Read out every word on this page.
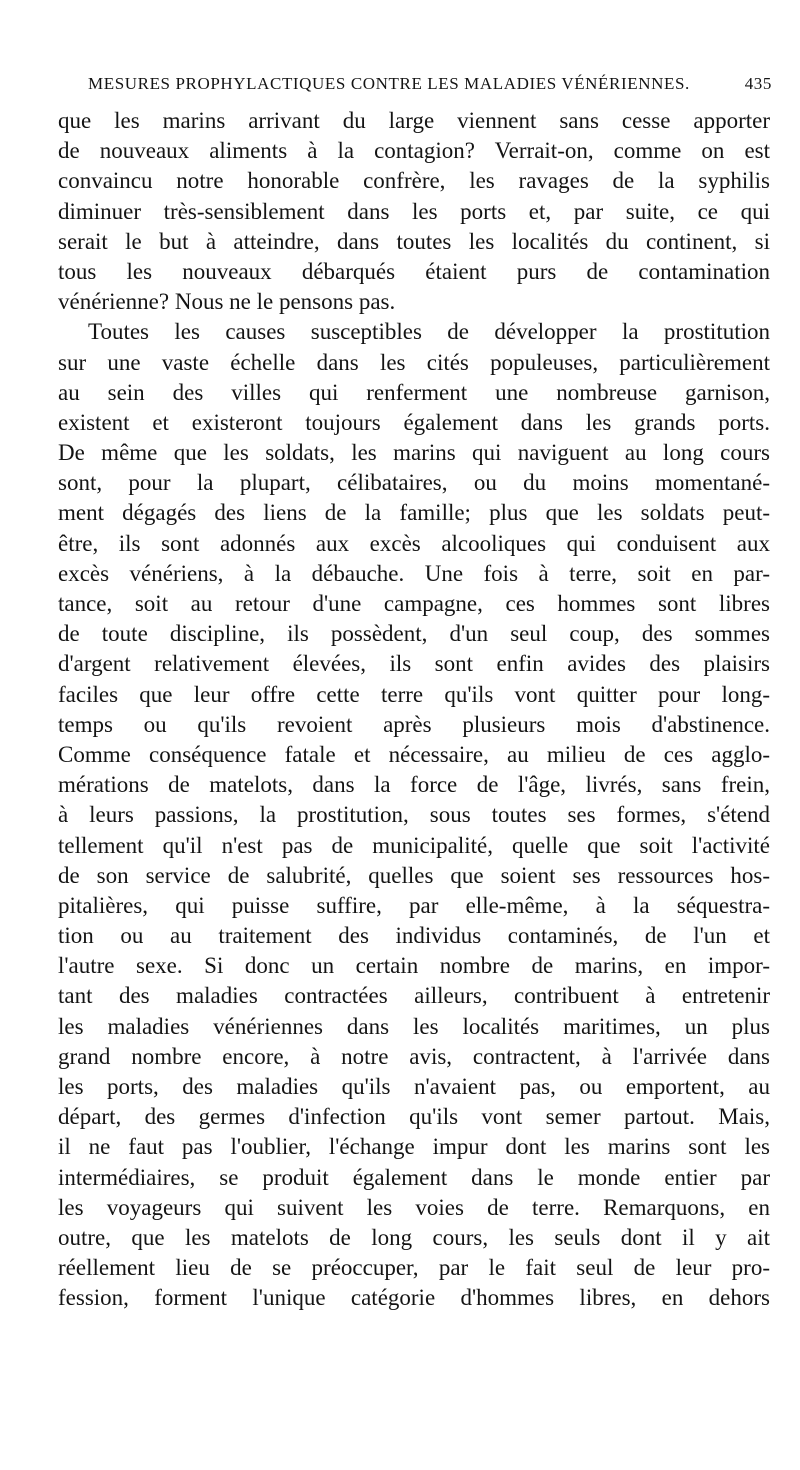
MESURES PROPHYLACTIQUES CONTRE LES MALADIES VÉNÉRIENNES.	435
que les marins arrivant du large viennent sans cesse apporter
de nouveaux aliments à la contagion? Verrait-on, comme on est
convaincu notre honorable confrère, les ravages de la syphilis
diminuer très-sensiblement dans les ports et, par suite, ce qui
serait le but à atteindre, dans toutes les localités du continent, si
tous les nouveaux débarqués étaient purs de contamination
vénérienne? Nous ne le pensons pas.
Toutes les causes susceptibles de développer la prostitution
sur une vaste échelle dans les cités populeuses, particulièrement
au sein des villes qui renferment une nombreuse garnison,
existent et existeront toujours également dans les grands ports.
De même que les soldats, les marins qui naviguent au long cours
sont, pour la plupart, célibataires, ou du moins momentané-
ment dégagés des liens de la famille; plus que les soldats peut-
être, ils sont adonnés aux excès alcooliques qui conduisent aux
excès vénériens, à la débauche. Une fois à terre, soit en par-
tance, soit au retour d'une campagne, ces hommes sont libres
de toute discipline, ils possèdent, d'un seul coup, des sommes
d'argent relativement élevées, ils sont enfin avides des plaisirs
faciles que leur offre cette terre qu'ils vont quitter pour long-
temps ou qu'ils revoient après plusieurs mois d'abstinence.
Comme conséquence fatale et nécessaire, au milieu de ces agglo-
mérations de matelots, dans la force de l'âge, livrés, sans frein,
à leurs passions, la prostitution, sous toutes ses formes, s'étend
tellement qu'il n'est pas de municipalité, quelle que soit l'activité
de son service de salubrité, quelles que soient ses ressources hos-
pitalières, qui puisse suffire, par elle-même, à la séquestra-
tion ou au traitement des individus contaminés, de l'un et
l'autre sexe. Si donc un certain nombre de marins, en impor-
tant des maladies contractées ailleurs, contribuent à entretenir
les maladies vénériennes dans les localités maritimes, un plus
grand nombre encore, à notre avis, contractent, à l'arrivée dans
les ports, des maladies qu'ils n'avaient pas, ou emportent, au
départ, des germes d'infection qu'ils vont semer partout. Mais,
il ne faut pas l'oublier, l'échange impur dont les marins sont les
intermédiaires, se produit également dans le monde entier par
les voyageurs qui suivent les voies de terre. Remarquons, en
outre, que les matelots de long cours, les seuls dont il y ait
réellement lieu de se préoccuper, par le fait seul de leur pro-
fession, forment l'unique catégorie d'hommes libres, en dehors
